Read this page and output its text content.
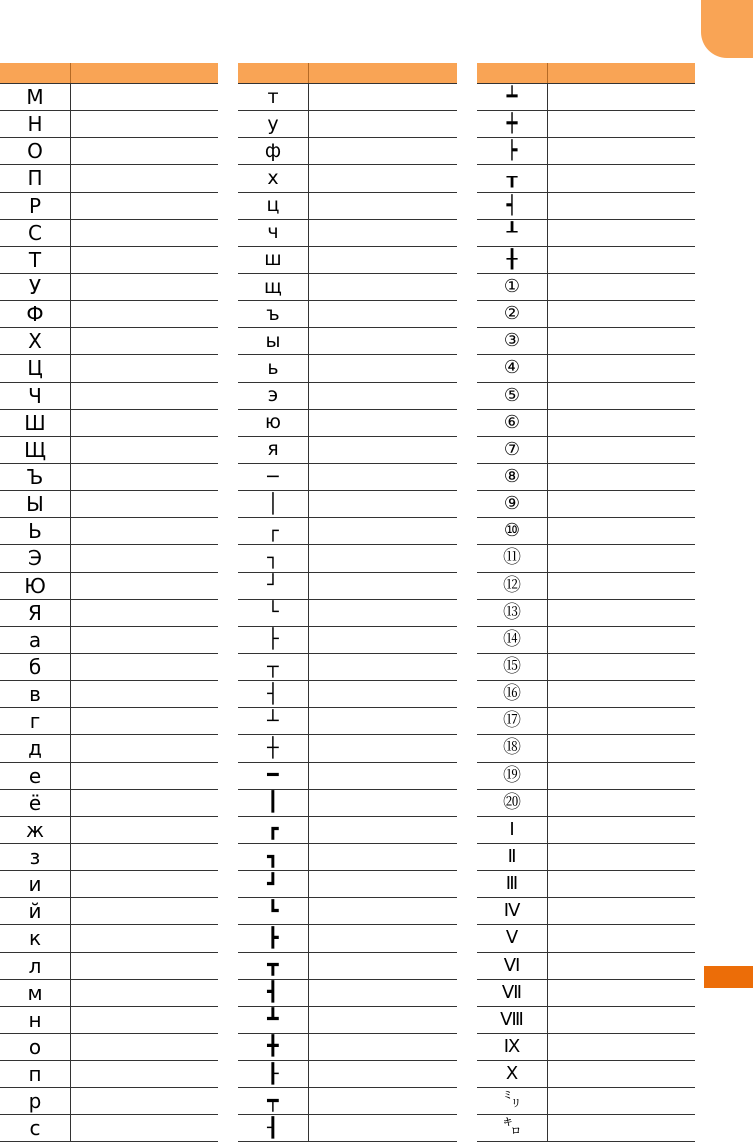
М
Н
О
П
Р
С
Т
У
Ф
Х
Ц
Ч
Ш
Щ
Ъ
Ы
Ь
Э
Ю
Я
а
б
в
г
д
е
ё
ж
з
и
й
к
л
м
н
о
п
р
с
т
у
ф
х
ц
ч
ш
щ
ъ
ы
ь
э
ю
я
─
│
┌
┐
┘
└
├
┬
┤
┴
┼
━
┃
┏
┓
┛
┗
┣
┳
┫
┻
╋
┠
┯
┨
┷
┿
┝
┰
┥
┸
╂
①
②
③
④
⑤
⑥
⑦
⑧
⑨
⑩
⑪
⑫
⑬
⑭
⑮
⑯
⑰
⑱
⑲
⑳
Ⅰ
Ⅱ
Ⅲ
Ⅳ
Ⅴ
Ⅵ
Ⅶ
Ⅷ
Ⅸ
Ⅹ
㍉
㌔
